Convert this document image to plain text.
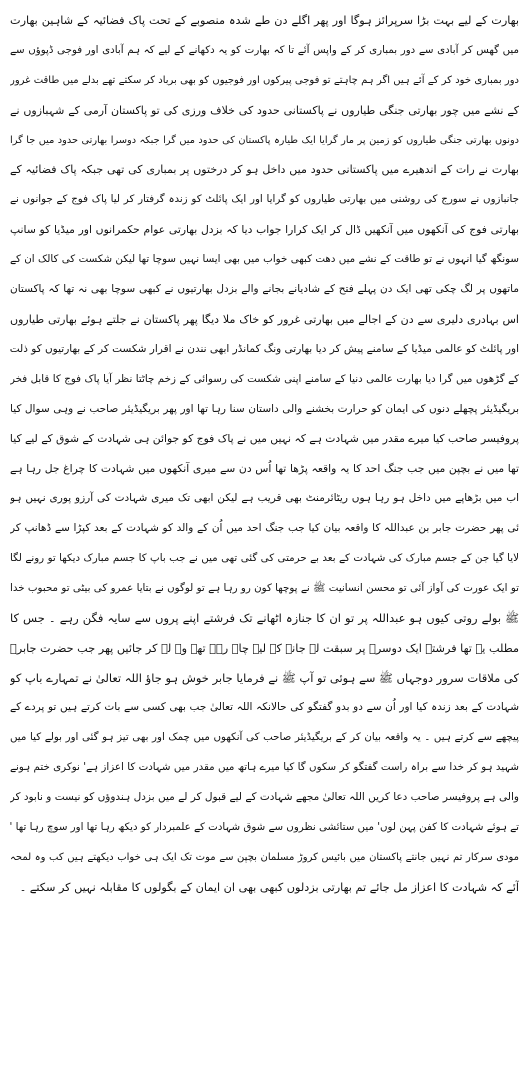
بھارت کے لیے بہت بڑا سرپرائز ہوگا اور پھر اگلے دن طے شدہ منصوبے کے تحت پاک فضائیہ کے شاہین بھارت
میں گھس کر آبادی سے دور بمباری کر کے واپس آئے تا کہ بھارت کو یہ دکھانے کے لیے کہ ہم آبادی اور فوجی ڈپوؤں سے
دور بمباری خود کر کے آئے ہیں اگر ہم چاہتے تو فوجی پیرکوں اور فوجیوں کو بھی برباد کر سکتے تھے بدلے میں طاقت غرور
کے نشے میں چور بھارتی جنگی طیاروں نے پاکستانی حدود کی خلاف ورزی کی تو پاکستان آرمی کے شہبازوں نے
دونوں بھارتی جنگی طیاروں کو زمین پر مار گرایا ایک طیارہ پاکستان کی حدود میں گرا جبکہ دوسرا بھارتی حدود میں جا گرا
بھارت نے رات کے اندھیرے میں پاکستانی حدود میں داخل ہو کر درختوں پر بمباری کی تھی جبکہ پاک فضائیہ کے
جانبازوں نے سورج کی روشنی میں بھارتی طیاروں کو گرایا اور ایک پائلٹ کو زندہ گرفتار کر لیا پاک فوج کے جوانوں نے
بھارتی فوج کی آنکھوں میں آنکھیں ڈال کر ایک کرارا جواب دیا کہ بزدل بھارتی عوام حکمرانوں اور میڈیا کو سانپ
سونگھ گیا انہوں نے تو طاقت کے نشے میں دھت کبھی خواب میں بھی ایسا نہیں سوچا تھا لیکن شکست کی کالک ان کے
ماتھوں پر لگ چکی تھی ایک دن پہلے فتح کے شادیانے بجانے والے بزدل بھارتیوں نے کبھی سوچا بھی نہ تھا کہ پاکستان
اس بہادری دلیری سے دن کے اجالے میں بھارتی غرور کو خاک ملا دیگا پھر پاکستان نے جلتے ہوئے بھارتی طیاروں
اور پائلٹ کو عالمی میڈیا کے سامنے پیش کر دیا بھارتی ونگ کمانڈر ابھی نندن نے اقرار شکست کر کے بھارتیوں کو ذلت
کے گڑھوں میں گرا دیا بھارت عالمی دنیا کے سامنے اپنی شکست کی رسوائی کے زخم چاٹتا نظر آیا پاک فوج کا قابل فخر
بریگیڈیئر پچھلے دنوں کی ایمان کو حرارت بخشنے والی داستان سنا رہا تھا اور پھر بریگیڈیئر صاحب نے وہی سوال کیا
پروفیسر صاحب کیا میرے مقدر میں شہادت ہے کہ نہیں میں نے پاک فوج کو جوائن ہی شہادت کے شوق کے لیے کیا
تھا میں نے بچپن میں جب جنگ احد کا یہ واقعہ پڑھا تھا اُس دن سے میری آنکھوں میں شہادت کا چراغ جل رہا ہے
اب میں بڑھاپے میں داخل ہو رہا ہوں ریٹائرمنٹ بھی قریب ہے لیکن ابھی تک میری شہادت کی آرزو پوری نہیں ہو
ئی پھر حضرت جابر بن عبداللہ کا واقعہ بیان کیا جب جنگ احد میں اُن کے والد کو شہادت کے بعد کپڑا سے ڈھانپ کر
لایا گیا جن کے جسم مبارک کی شہادت کے بعد بے حرمتی کی گئی تھی میں نے جب باپ کا جسم مبارک دیکھا تو رونے لگا
تو ایک عورت کی آواز آئی تو محسن انسانیت ﷺ نے پوچھا کون رو رہا ہے تو لوگوں نے بتایا عمرو کی بیٹی تو محبوب خدا
ﷺ بولے روتی کیوں ہو عبداللہ پر تو ان کا جنازہ اٹھانے تک فرشتے اپنے پروں سے سایہ فگن رہے ۔ جس کا
مطلب یہ تھا فرشتے ایک دوسرے پر سبقت لے جانے کے لیے چاہ رہے تھے وہ لے کر جائیں پھر جب حضرت جابرؓ
کی ملاقات سرور دوجہاں ﷺ سے ہوئی تو آپ ﷺ نے فرمایا جابر خوش ہو جاؤ اللہ تعالیٰ نے تمہارے باپ کو
شہادت کے بعد زندہ کیا اور اُن سے دو بدو گفتگو کی حالانکہ اللہ تعالیٰ جب بھی کسی سے بات کرتے ہیں تو پردے کے
پیچھے سے کرتے ہیں ۔ یہ واقعہ بیان کر کے بریگیڈیئر صاحب کی آنکھوں میں چمک اور بھی تیز ہو گئی اور بولے کیا میں
شہید ہو کر خدا سے براہ راست گفتگو کر سکوں گا کیا میرے ہاتھ میں مقدر میں شہادت کا اعزاز ہے' نوکری ختم ہونے
والی ہے پروفیسر صاحب دعا کریں اللہ تعالیٰ مجھے شہادت کے لیے قبول کر لے میں بزدل ہندوؤں کو نیست و نابود کر
تے ہوئے شہادت کا کفن پہن لوں' میں ستائشی نظروں سے شوق شہادت کے علمبردار کو دیکھ رہا تھا اور سوچ رہا تھا '
مودی سرکار تم نہیں جانتے پاکستان میں بائیس کروڑ مسلمان بچپن سے موت تک ایک ہی خواب دیکھتے ہیں کب وہ لمحہ
آئے کہ شہادت کا اعزاز مل جائے تم بھارتی بزدلوں کبھی بھی ان ایمان کے بگولوں کا مقابلہ نہیں کر سکتے ۔
